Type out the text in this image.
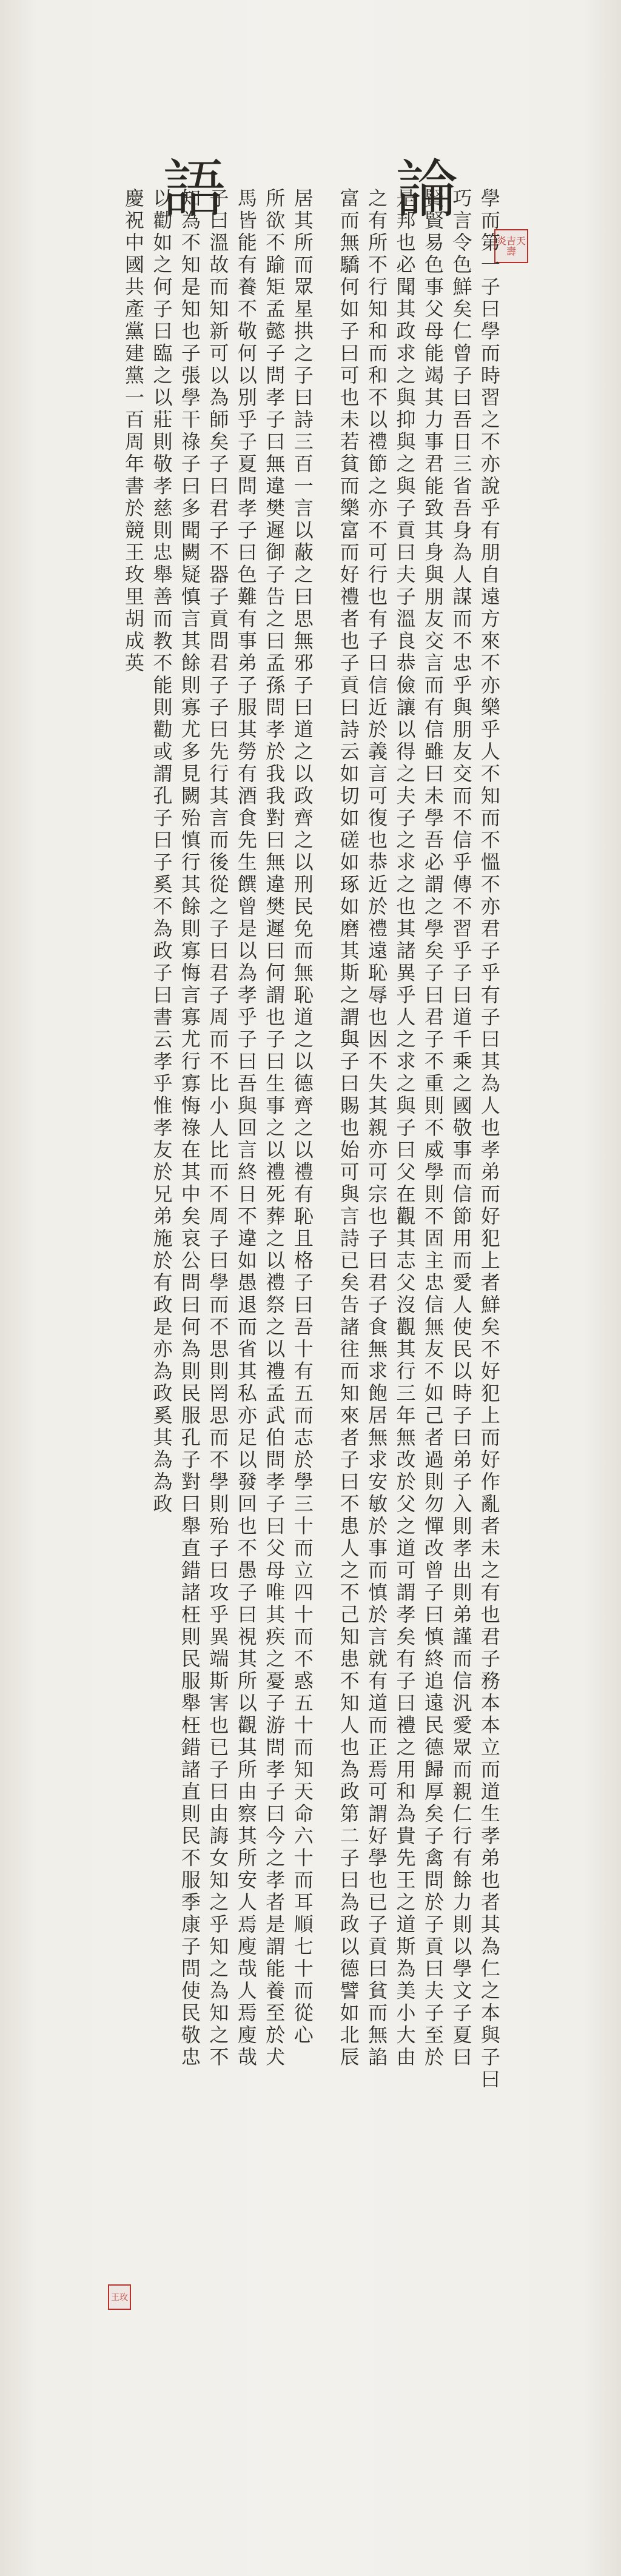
語	論
炎吉天壽
學而第一子曰學而時習之不亦說乎有朋自遠方來不亦樂乎人不知而不慍不亦君子乎有子曰其為人也孝弟而好犯上者鮮矣不好犯上而好作亂者未之有也君子務本本立而道生孝弟也者其為仁之本與子曰
巧言令色鮮矣仁曾子曰吾日三省吾身為人謀而不忠乎與朋友交而不信乎傳不習乎子曰道千乘之國敬事而信節用而愛人使民以時子曰弟子入則孝出則弟謹而信汎愛眾而親仁行有餘力則以學文子夏曰
賢賢易色事父母能竭其力事君能致其身與朋友交言而有信雖曰未學吾必謂之學矣子曰君子不重則不威學則不固主忠信無友不如己者過則勿憚改曾子曰慎終追遠民德歸厚矣子禽問於子貢曰夫子至於
是邦也必聞其政求之與抑與之與子貢曰夫子溫良恭儉讓以得之夫子之求之也其諸異乎人之求之與子曰父在觀其志父沒觀其行三年無改於父之道可謂孝矣有子曰禮之用和為貴先王之道斯為美小大由
之有所不行知和而和不以禮節之亦不可行也有子曰信近於義言可復也恭近於禮遠恥辱也因不失其親亦可宗也子曰君子食無求飽居無求安敏於事而慎於言就有道而正焉可謂好學也已子貢曰貧而無諂
富而無驕何如子曰可也未若貧而樂富而好禮者也子貢曰詩云如切如磋如琢如磨其斯之謂與子曰賜也始可與言詩已矣告諸往而知來者子曰不患人之不己知患不知人也為政第二子曰為政以德譬如北辰
居其所而眾星拱之子曰詩三百一言以蔽之曰思無邪子曰道之以政齊之以刑民免而無恥道之以德齊之以禮有恥且格子曰吾十有五而志於學三十而立四十而不惑五十而知天命六十而耳順七十而從心
所欲不踰矩孟懿子問孝子曰無違樊遲御子告之曰孟孫問孝於我我對曰無違樊遲曰何謂也子曰生事之以禮死葬之以禮祭之以禮孟武伯問孝子曰父母唯其疾之憂子游問孝子曰今之孝者是謂能養至於犬
馬皆能有養不敬何以別乎子夏問孝子曰色難有事弟子服其勞有酒食先生饌曾是以為孝乎子曰吾與回言終日不違如愚退而省其私亦足以發回也不愚子曰視其所以觀其所由察其所安人焉廋哉人焉廋哉
子曰溫故而知新可以為師矣子曰君子不器子貢問君子子曰先行其言而後從之子曰君子周而不比小人比而不周子曰學而不思則罔思而不學則殆子曰攻乎異端斯害也已子曰由誨女知之乎知之為知之不
知為不知是知也子張學干祿子曰多聞闕疑慎言其餘則寡尤多見闕殆慎行其餘則寡悔言寡尤行寡悔祿在其中矣哀公問曰何為則民服孔子對曰舉直錯諸枉則民服舉枉錯諸直則民不服季康子問使民敬忠
以勸如之何子曰臨之以莊則敬孝慈則忠舉善而教不能則勸或謂孔子曰子奚不為政子曰書云孝乎惟孝友於兄弟施於有政是亦為政奚其為為政
慶祝中國共產黨建黨一百周年書於競王玫里胡成英
王玫
